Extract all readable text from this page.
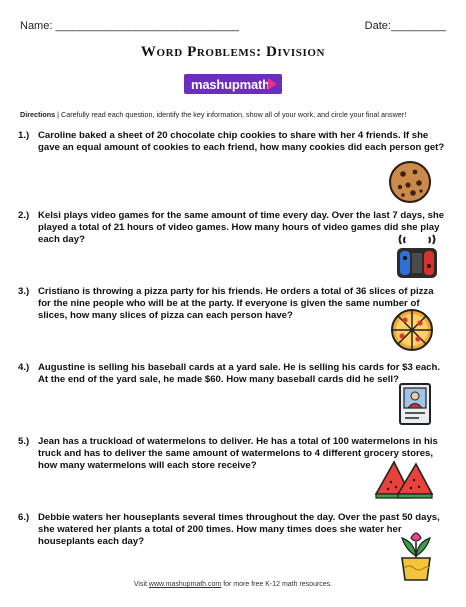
Name: ______________________________	Date:_________
Word Problems: Division
mashupmath
Directions | Carefully read each question, identify the key information, show all of your work, and circle your final answer!
1.) Caroline baked a sheet of 20 chocolate chip cookies to share with her 4 friends. If she gave an equal amount of cookies to each friend, how many cookies did each person get?
2.) Kelsi plays video games for the same amount of time every day. Over the last 7 days, she played a total of 21 hours of video games. How many hours of video games did she play each day?
3.) Cristiano is throwing a pizza party for his friends. He orders a total of 36 slices of pizza for the nine people who will be at the party. If everyone is given the same number of slices, how many slices of pizza can each person have?
4.) Augustine is selling his baseball cards at a yard sale. He is selling his cards for $3 each. At the end of the yard sale, he made $60. How many baseball cards did he sell?
5.) Jean has a truckload of watermelons to deliver. He has a total of 100 watermelons in his truck and has to deliver the same amount of watermelons to 4 different grocery stores, how many watermelons will each store receive?
6.) Debbie waters her houseplants several times throughout the day. Over the past 50 days, she watered her plants a total of 200 times. How many times does she water her houseplants each day?
Visit www.mashupmath.com for more free K-12 math resources.
